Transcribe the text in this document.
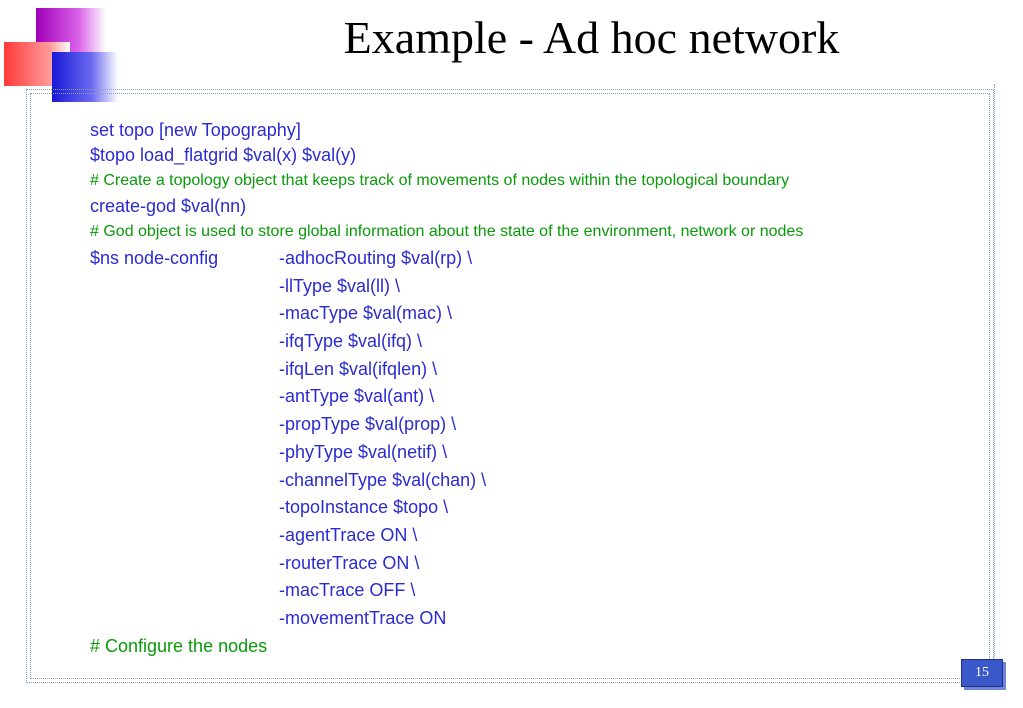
Example - Ad hoc network
set topo [new Topography]
$topo load_flatgrid $val(x) $val(y)
# Create a topology object that keeps track of movements of nodes within the topological boundary
create-god $val(nn)
# God object is used to store global information about the state of the environment, network or nodes
$ns node-config	-adhocRouting $val(rp) \
-llType $val(ll) \
-macType $val(mac) \
-ifqType $val(ifq) \
-ifqLen $val(ifqlen) \
-antType $val(ant) \
-propType $val(prop) \
-phyType $val(netif) \
-channelType $val(chan) \
-topoInstance $topo \
-agentTrace ON \
-routerTrace ON \
-macTrace OFF \
-movementTrace ON
# Configure the nodes
15
